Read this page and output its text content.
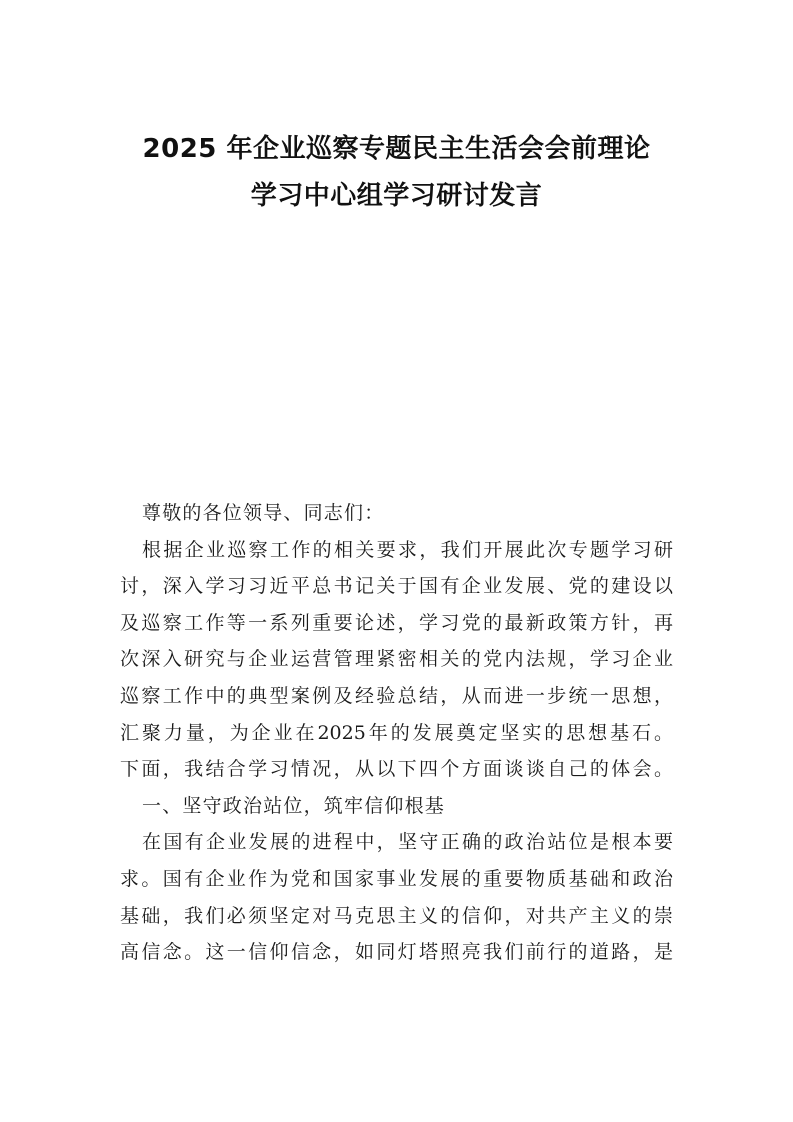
2025 年企业巡察专题民主生活会会前理论
学习中心组学习研讨发言
尊敬的各位领导、同志们：
根据企业巡察工作的相关要求，我们开展此次专题学习研
讨，深入学习习近平总书记关于国有企业发展、党的建设以
及巡察工作等一系列重要论述，学习党的最新政策方针，再
次深入研究与企业运营管理紧密相关的党内法规，学习企业
巡察工作中的典型案例及经验总结，从而进一步统一思想，
汇聚力量，为企业在2025年的发展奠定坚实的思想基石。
下面，我结合学习情况，从以下四个方面谈谈自己的体会。
一、坚守政治站位，筑牢信仰根基
在国有企业发展的进程中，坚守正确的政治站位是根本要
求。国有企业作为党和国家事业发展的重要物质基础和政治
基础，我们必须坚定对马克思主义的信仰，对共产主义的崇
高信念。这一信仰信念，如同灯塔照亮我们前行的道路，是
